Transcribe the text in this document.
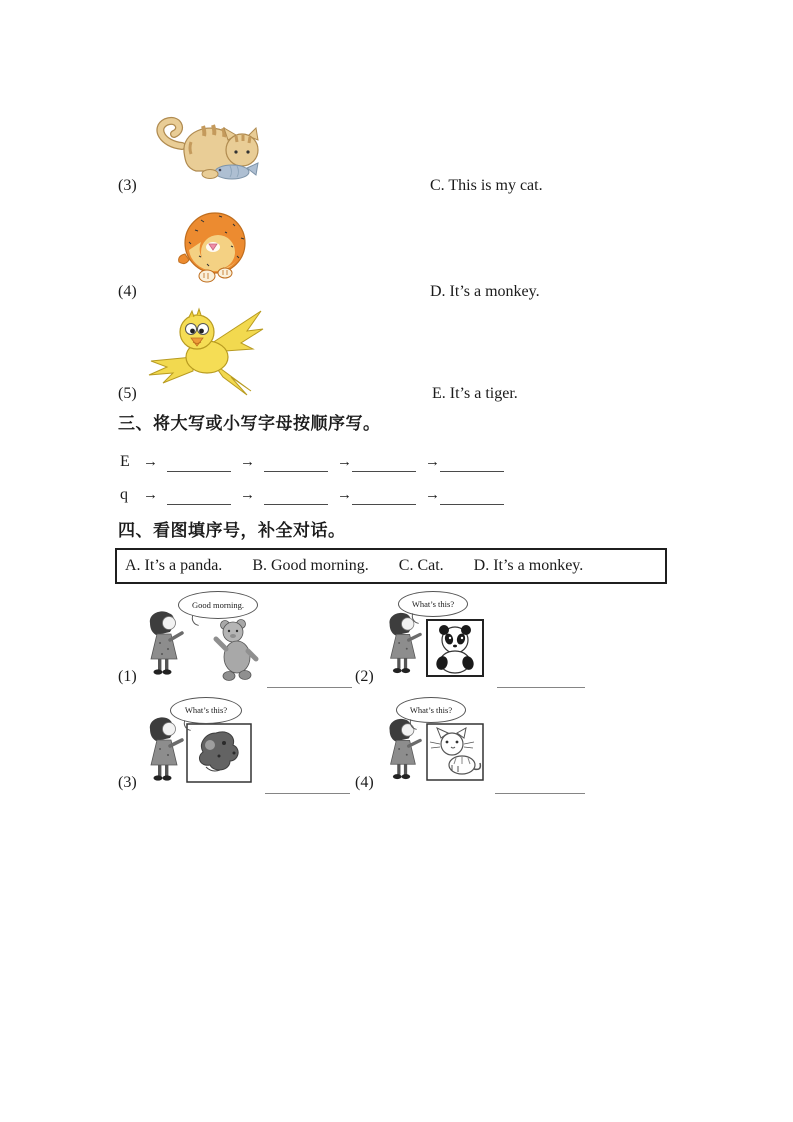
(3)	C. This is my cat.
(4)	D. It’s a monkey.
(5)	E. It’s a tiger.
三、将大写或小写字母按顺序写。
E →	→	→	→
q	→	→	→	→
四、看图填序号，补全对话。
A. It’s a panda. B. Good morning. C. Cat. D. It’s a monkey.
Good morning.	What’s this?
(1)	(2)
What’s this?	What’s this?
(3)	(4)
